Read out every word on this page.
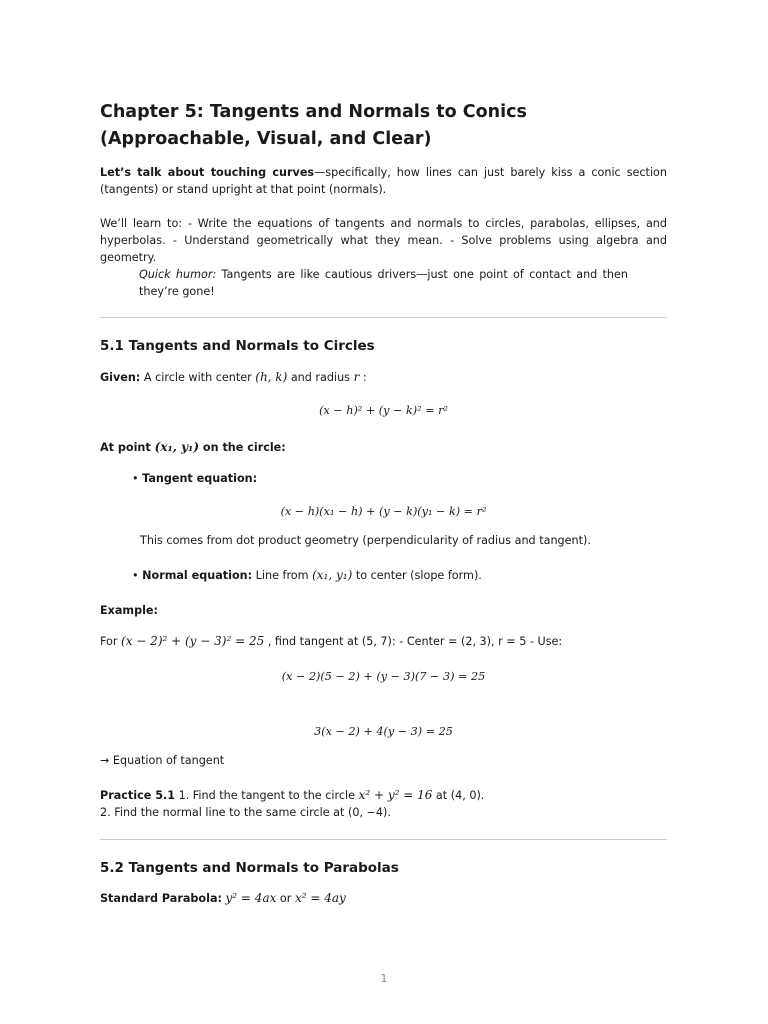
Chapter 5: Tangents and Normals to Conics (Approachable, Visual, and Clear)

Let’s talk about touching curves—specifically, how lines can just barely kiss a conic section (tangents) or stand upright at that point (normals).

We’ll learn to: - Write the equations of tangents and normals to circles, parabolas, ellipses, and hyperbolas. - Understand geometrically what they mean. - Solve problems using algebra and geometry.

Quick humor: Tangents are like cautious drivers—just one point of contact and then they’re gone!

5.1 Tangents and Normals to Circles

Given: A circle with center (h, k) and radius r :

(x − h)² + (y − k)² = r²

At point (x₁, y₁) on the circle:

• Tangent equation:

(x − h)(x₁ − h) + (y − k)(y₁ − k) = r²

This comes from dot product geometry (perpendicularity of radius and tangent).

• Normal equation: Line from (x₁, y₁) to center (slope form).

Example:

For (x − 2)² + (y − 3)² = 25 , find tangent at (5, 7): - Center = (2, 3), r = 5 - Use:

(x − 2)(5 − 2) + (y − 3)(7 − 3) = 25
3(x − 2) + 4(y − 3) = 25

→ Equation of tangent

Practice 5.1 1. Find the tangent to the circle x² + y² = 16 at (4, 0).

2. Find the normal line to the same circle at (0, −4).

5.2 Tangents and Normals to Parabolas

Standard Parabola: y² = 4ax or x² = 4ay

1
